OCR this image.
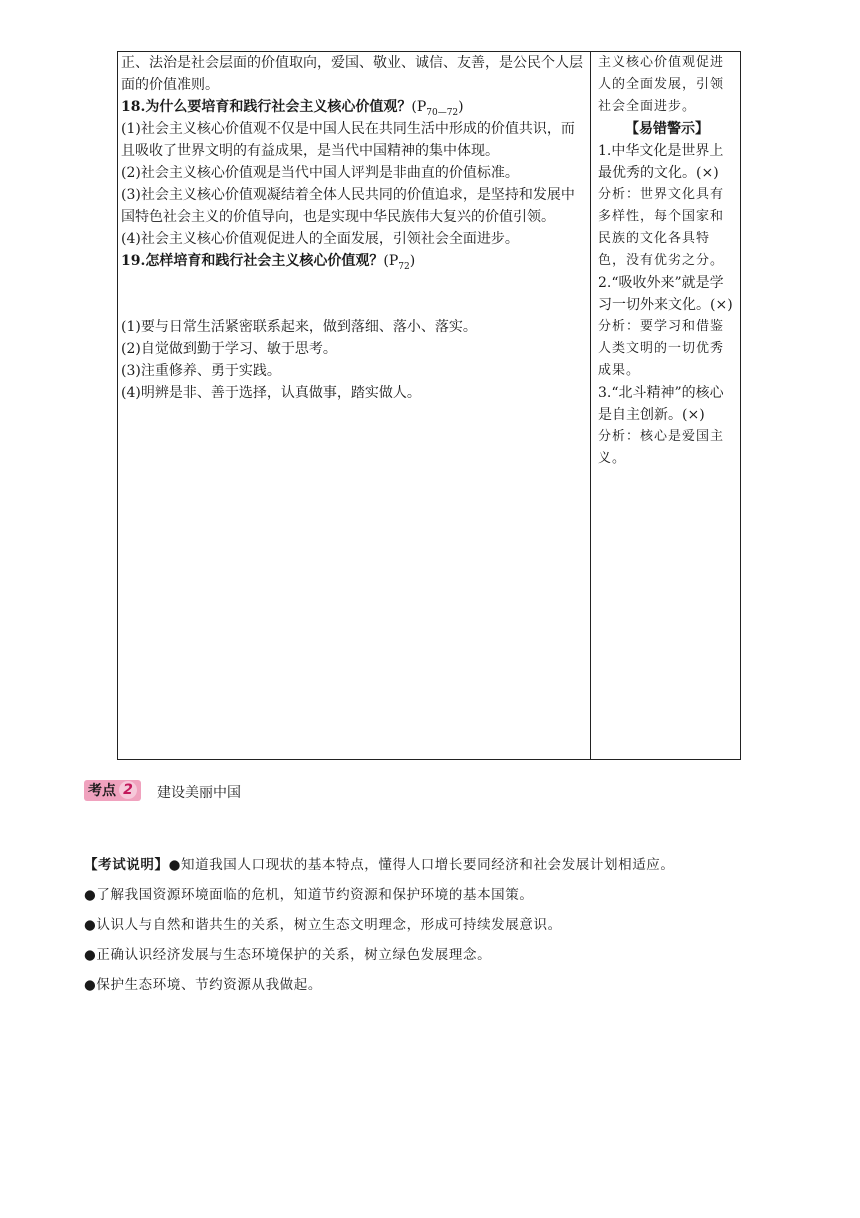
正、法治是社会层面的价值取向，爱国、敬业、诚信、友善，是公民个人层面的价值准则。

18.为什么要培育和践行社会主义核心价值观？$(P_{70—72})$

(1)社会主义核心价值观不仅是中国人民在共同生活中形成的价值共识，而且吸收了世界文明的有益成果，是当代中国精神的集中体现。

(2)社会主义核心价值观是当代中国人评判是非曲直的价值标准。

(3)社会主义核心价值观凝结着全体人民共同的价值追求，是坚持和发展中国特色社会主义的价值导向，也是实现中华民族伟大复兴的价值引领。

(4)社会主义核心价值观促进人的全面发展，引领社会全面进步。

19.怎样培育和践行社会主义核心价值观？$(P_{72})$

(1)要与日常生活紧密联系起来，做到落细、落小、落实。

(2)自觉做到勤于学习、敏于思考。

(3)注重修养、勇于实践。

(4)明辨是非、善于选择，认真做事，踏实做人。

主义核心价值观促进人的全面发展，引领社会全面进步。

【易错警示】

1.中华文化是世界上最优秀的文化。(×)

分析：世界文化具有多样性，每个国家和民族的文化各具特色，没有优劣之分。

2.“吸收外来”就是学习一切外来文化。(×)

分析：要学习和借鉴人类文明的一切优秀成果。

3.“北斗精神”的核心是自主创新。(×)

分析：核心是爱国主义。

考点 2 建设美丽中国
【考试说明】●知道我国人口现状的基本特点，懂得人口增长要同经济和社会发展计划相适应。
●了解我国资源环境面临的危机，知道节约资源和保护环境的基本国策。
●认识人与自然和谐共生的关系，树立生态文明理念，形成可持续发展意识。
●正确认识经济发展与生态环境保护的关系，树立绿色发展理念。
●保护生态环境、节约资源从我做起。
